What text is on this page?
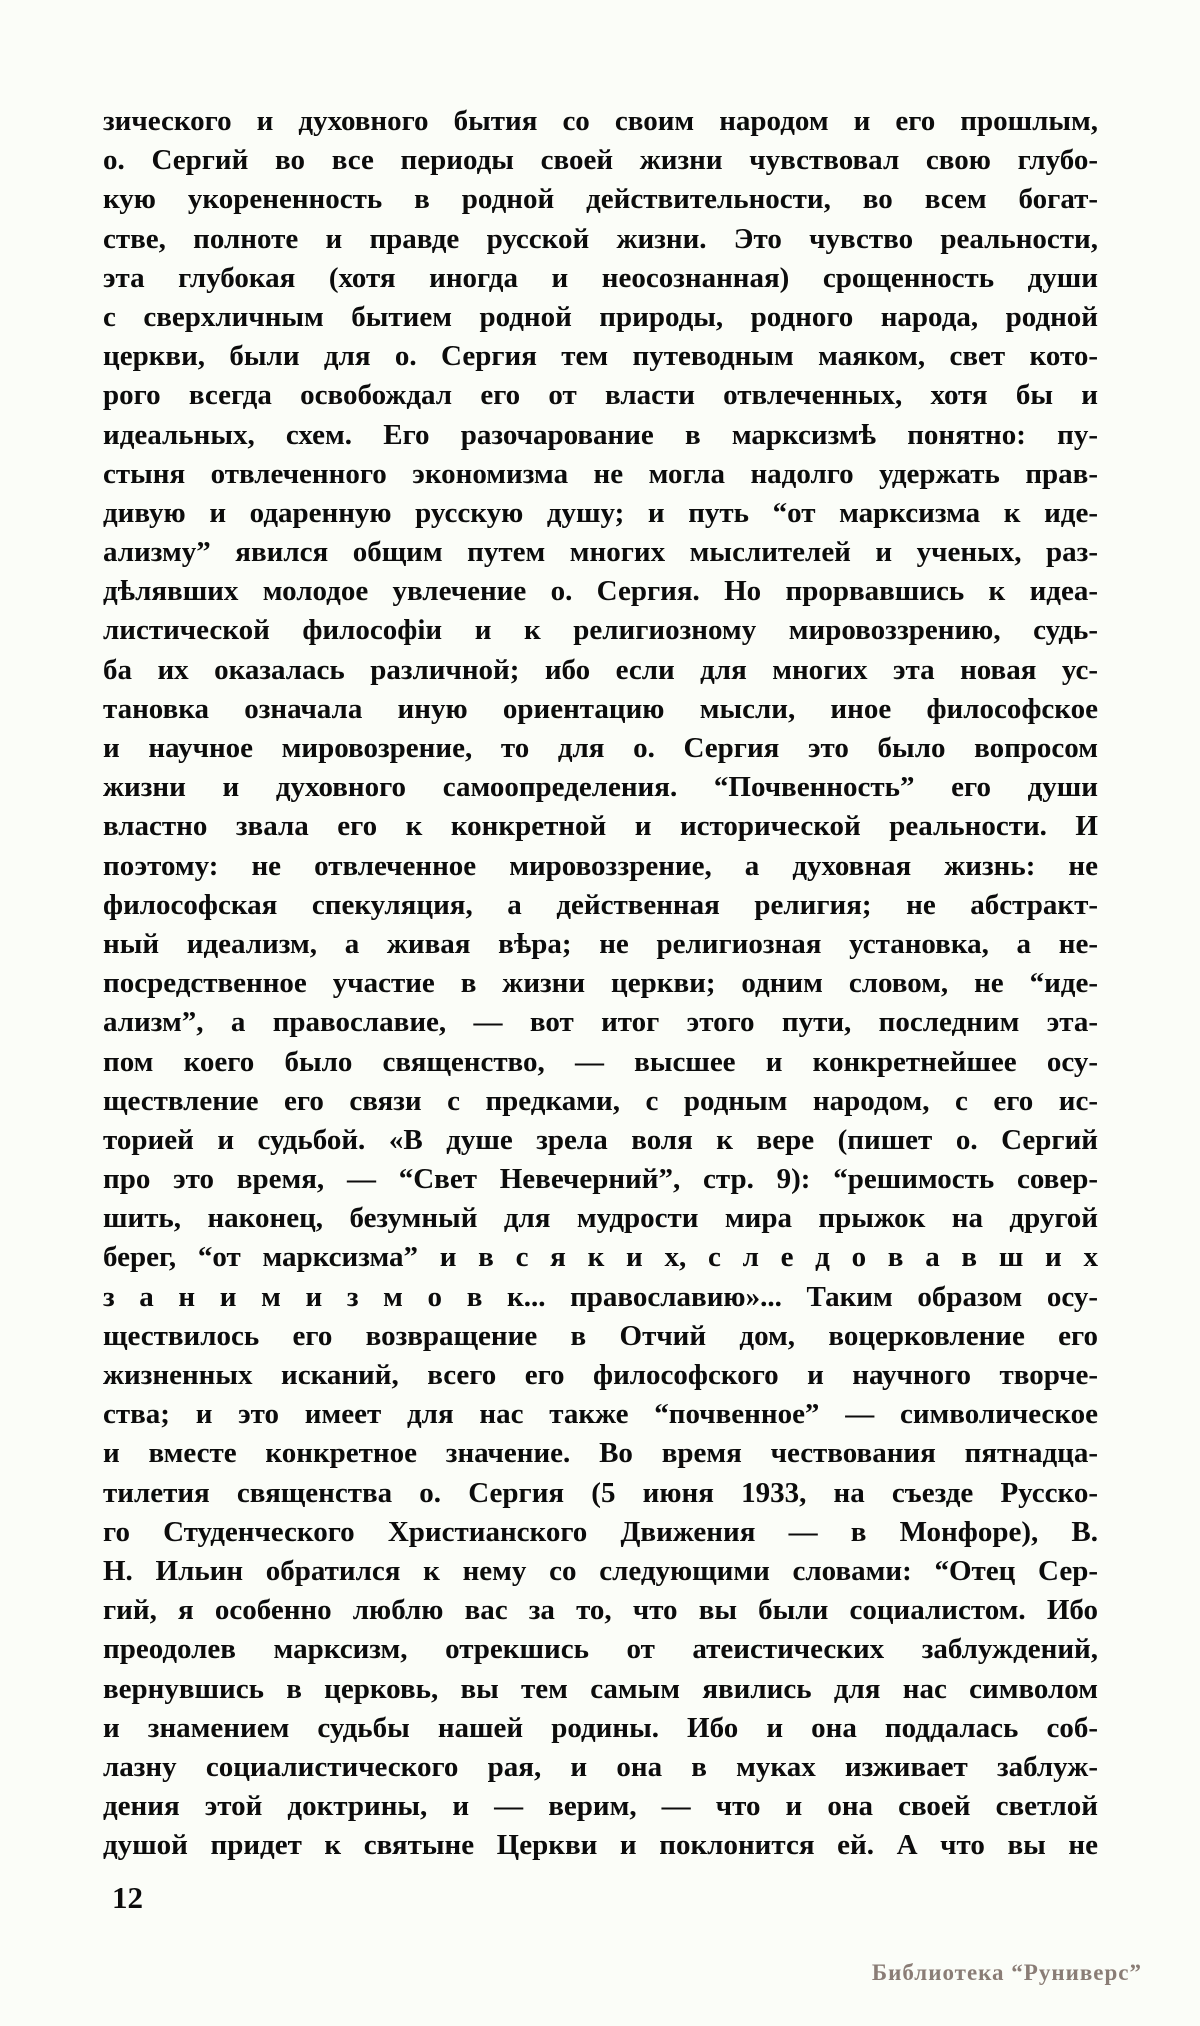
зического и духовного бытия со своим народом и его прошлым,
о. Сергий во все периоды своей жизни чувствовал свою глубо-
кую укорененность в родной действительности, во всем богат-
стве, полноте и правде русской жизни. Это чувство реальности,
эта глубокая (хотя иногда и неосознанная) срощенность души
с сверхличным бытием родной природы, родного народа, родной
церкви, были для о. Сергия тем путеводным маяком, свет кото-
рого всегда освобождал его от власти отвлеченных, хотя бы и
идеальных, схем. Его разочарование в марксизмѣ понятно: пу-
стыня отвлеченного экономизма не могла надолго удержать прав-
дивую и одаренную русскую душу; и путь “от марксизма к иде-
ализму” явился общим путем многих мыслителей и ученых, раз-
дѣлявших молодое увлечение о. Сергия. Но прорвавшись к идеа-
листической философіи и к религиозному мировоззрению, судь-
ба их оказалась различной; ибо если для многих эта новая ус-
тановка означала иную ориентацию мысли, иное философское
и научное мировозрение, то для о. Сергия это было вопросом
жизни и духовного самоопределения. “Почвенность” его души
властно звала его к конкретной и исторической реальности. И
поэтому: не отвлеченное мировоззрение, а духовная жизнь: не
философская спекуляция, а действенная религия; не абстракт-
ный идеализм, а живая вѣра; не религиозная установка, а не-
посредственное участие в жизни церкви; одним словом, не “иде-
ализм”, а православие, — вот итог этого пути, последним эта-
пом коего было священство, — высшее и конкретнейшее осу-
ществление его связи с предками, с родным народом, с его ис-
торией и судьбой. «В душе зрела воля к вере (пишет о. Сергий
про это время, — “Свет Невечерний”, стр. 9): “решимость совер-
шить, наконец, безумный для мудрости мира прыжок на другой
берег, “от марксизма” и в с я к и х, с л е д о в а в ш и х
з а н и м и з м о в к... православию»... Таким образом осу-
ществилось его возвращение в Отчий дом, воцерковление его
жизненных исканий, всего его философского и научного творче-
ства; и это имеет для нас также “почвенное” — символическое
и вместе конкретное значение. Во время чествования пятнадца-
тилетия священства о. Сергия (5 июня 1933, на съезде Русско-
го Студенческого Христианского Движения — в Монфоре), В.
Н. Ильин обратился к нему со следующими словами: “Отец Сер-
гий, я особенно люблю вас за то, что вы были социалистом. Ибо
преодолев марксизм, отрекшись от атеистических заблуждений,
вернувшись в церковь, вы тем самым явились для нас символом
и знамением судьбы нашей родины. Ибо и она поддалась соб-
лазну социалистического рая, и она в муках изживает заблуж-
дения этой доктрины, и — верим, — что и она своей светлой
душой придет к святыне Церкви и поклонится ей. А что вы не
12
Библиотека “Руниверс”
